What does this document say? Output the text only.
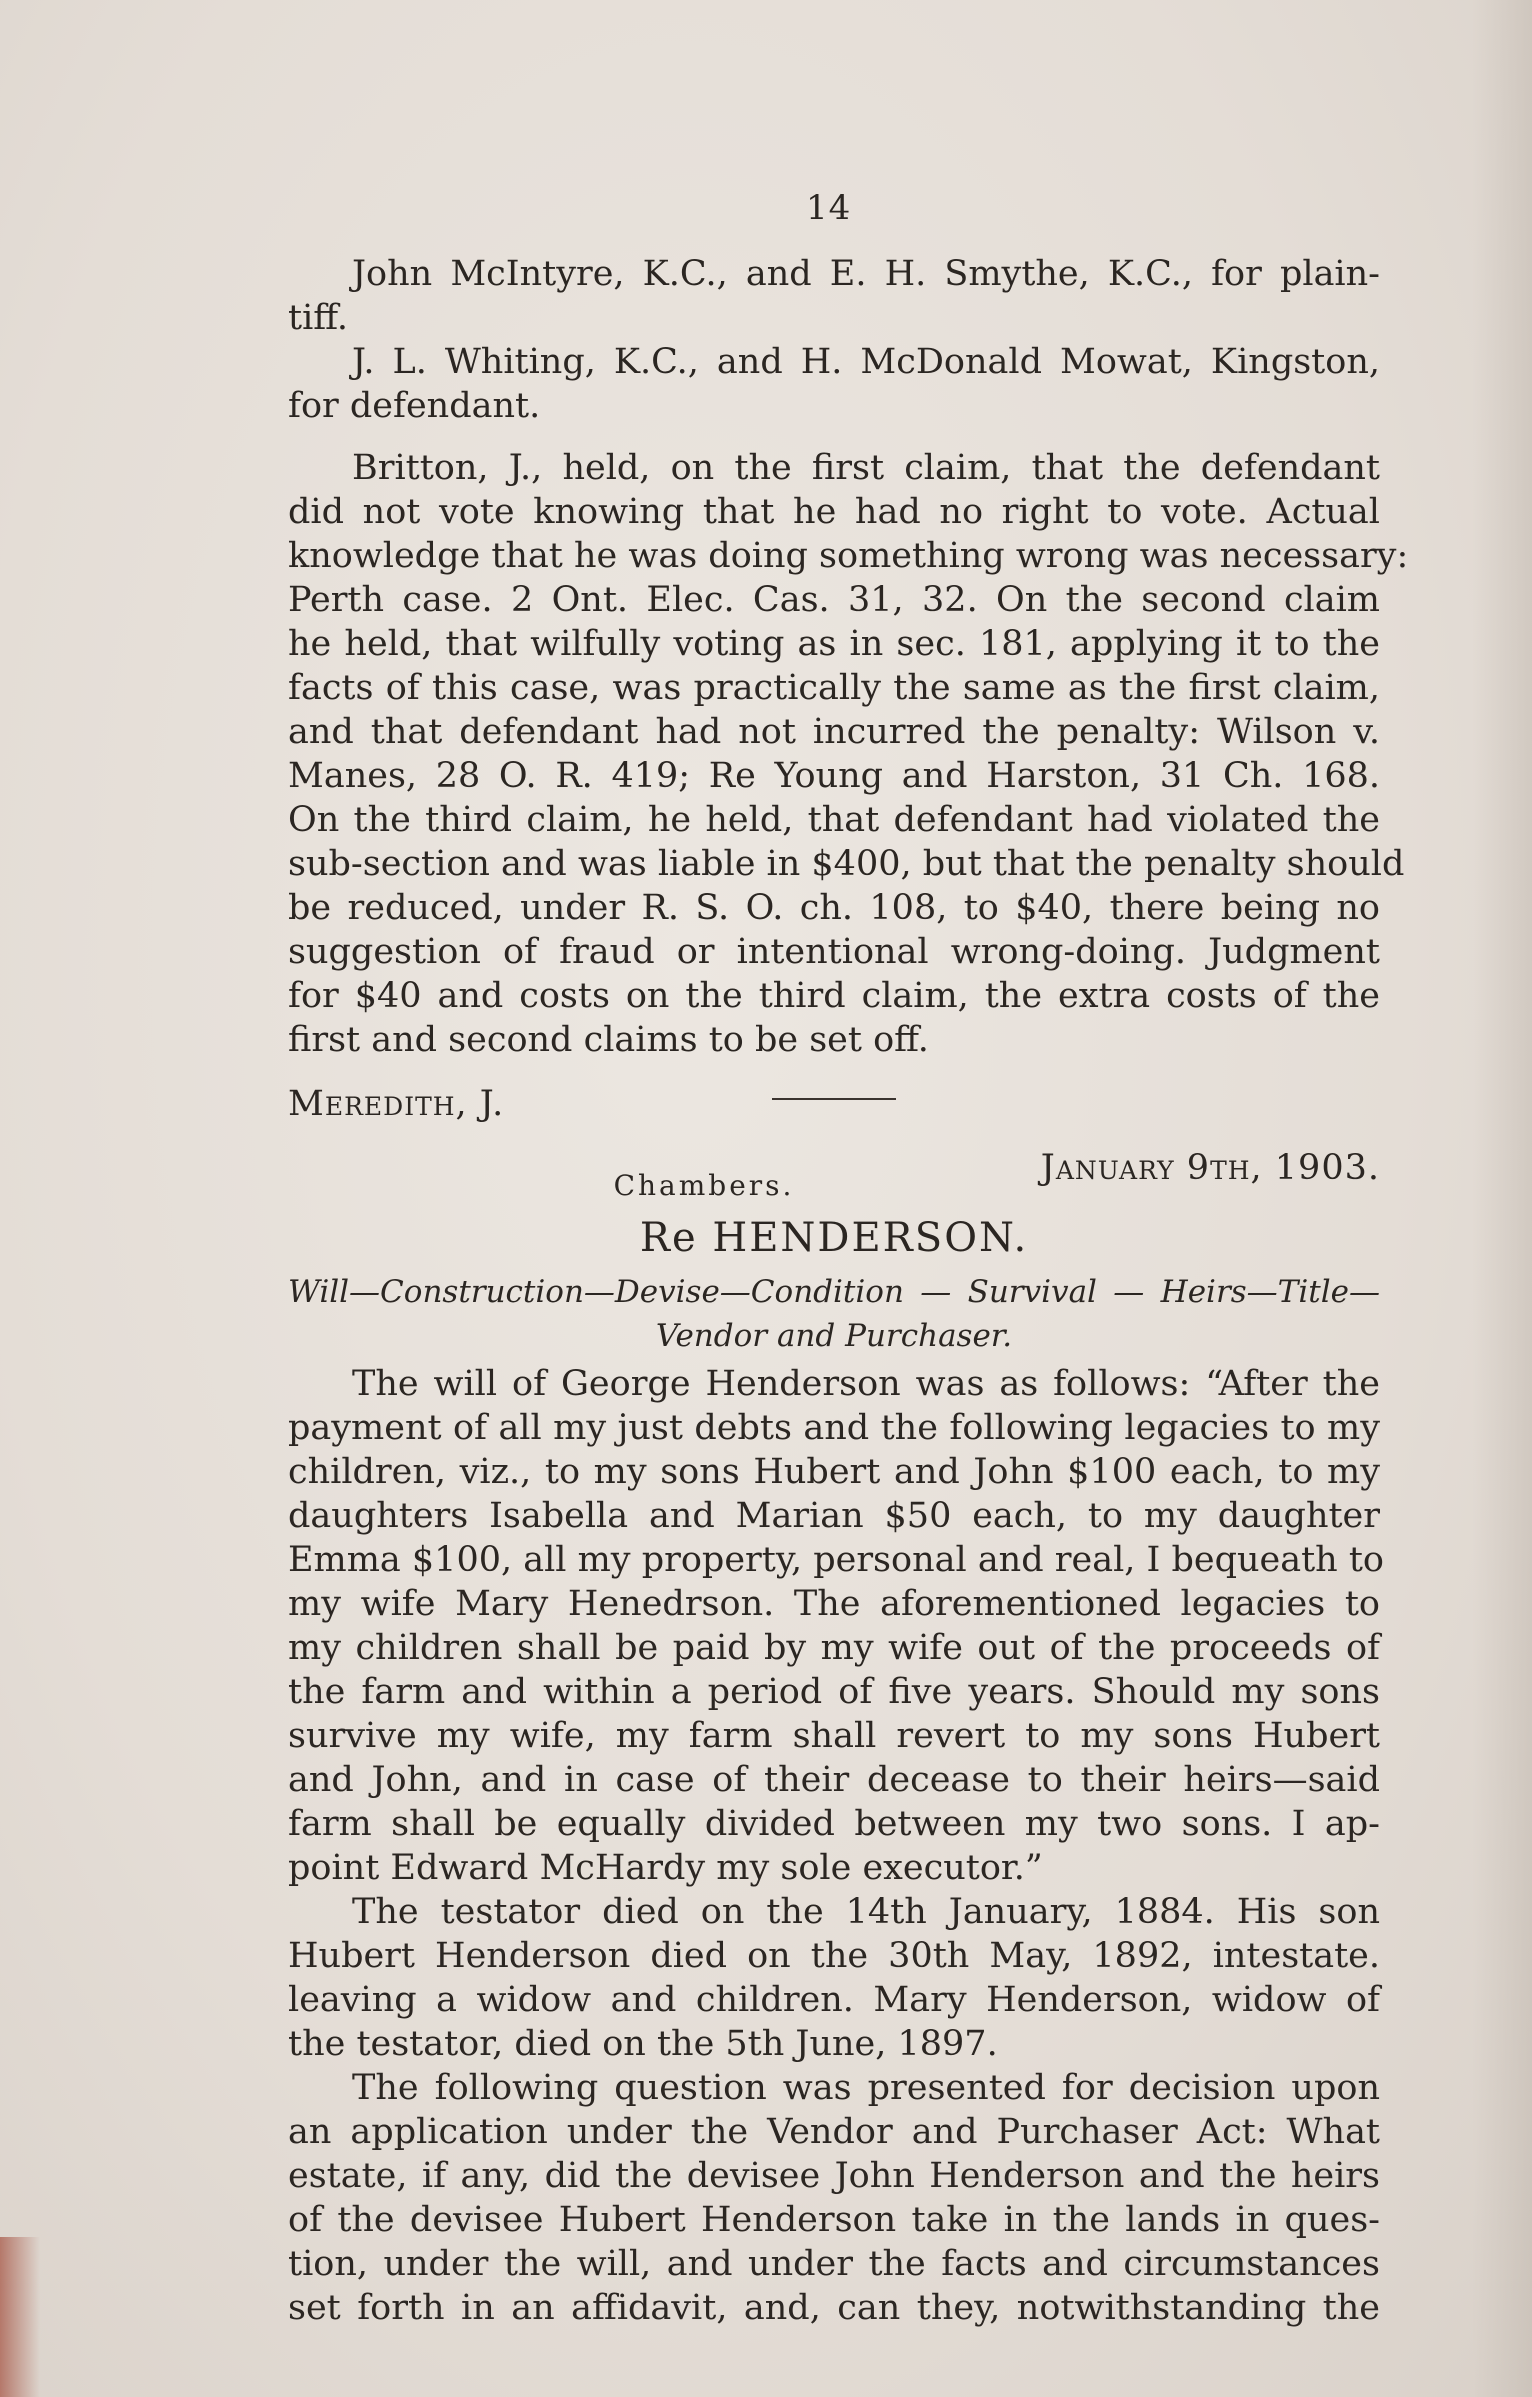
14
John McIntyre, K.C., and E. H. Smythe, K.C., for plain-
tiff.
J. L. Whiting, K.C., and H. McDonald Mowat, Kingston,
for defendant.
Britton, J., held, on the first claim, that the defendant
did not vote knowing that he had no right to vote. Actual
knowledge that he was doing something wrong was necessary:
Perth case. 2 Ont. Elec. Cas. 31, 32. On the second claim
he held, that wilfully voting as in sec. 181, applying it to the
facts of this case, was practically the same as the first claim,
and that defendant had not incurred the penalty: Wilson v.
Manes, 28 O. R. 419; Re Young and Harston, 31 Ch. 168.
On the third claim, he held, that defendant had violated the
sub-section and was liable in $400, but that the penalty should
be reduced, under R. S. O. ch. 108, to $40, there being no
suggestion of fraud or intentional wrong-doing. Judgment
for $40 and costs on the third claim, the extra costs of the
first and second claims to be set off.
Meredith, J.
January 9th, 1903.
Chambers.
Re HENDERSON.
Will—Construction—Devise—Condition — Survival — Heirs—Title—
Vendor and Purchaser.
The will of George Henderson was as follows: “After the
payment of all my just debts and the following legacies to my
children, viz., to my sons Hubert and John $100 each, to my
daughters Isabella and Marian $50 each, to my daughter
Emma $100, all my property, personal and real, I bequeath to
my wife Mary Henedrson. The aforementioned legacies to
my children shall be paid by my wife out of the proceeds of
the farm and within a period of five years. Should my sons
survive my wife, my farm shall revert to my sons Hubert
and John, and in case of their decease to their heirs—said
farm shall be equally divided between my two sons. I ap-
point Edward McHardy my sole executor.”
The testator died on the 14th January, 1884. His son
Hubert Henderson died on the 30th May, 1892, intestate.
leaving a widow and children. Mary Henderson, widow of
the testator, died on the 5th June, 1897.
The following question was presented for decision upon
an application under the Vendor and Purchaser Act: What
estate, if any, did the devisee John Henderson and the heirs
of the devisee Hubert Henderson take in the lands in ques-
tion, under the will, and under the facts and circumstances
set forth in an affidavit, and, can they, notwithstanding the
